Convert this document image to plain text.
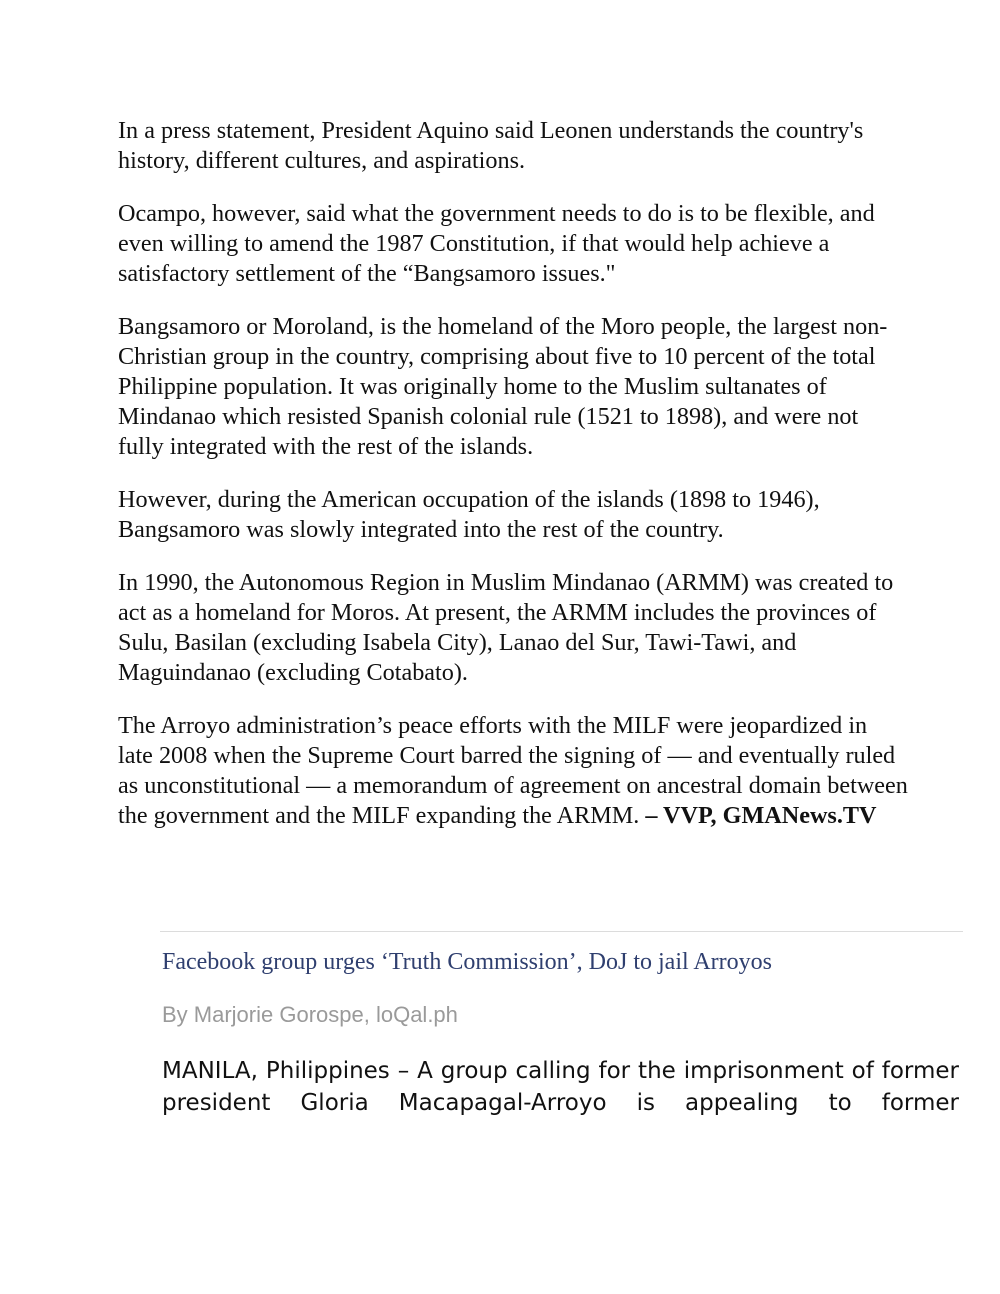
In a press statement, President Aquino said Leonen understands the country's history, different cultures, and aspirations.

Ocampo, however, said what the government needs to do is to be flexible, and even willing to amend the 1987 Constitution, if that would help achieve a satisfactory settlement of the “Bangsamoro issues."

Bangsamoro or Moroland, is the homeland of the Moro people, the largest non-Christian group in the country, comprising about five to 10 percent of the total Philippine population. It was originally home to the Muslim sultanates of Mindanao which resisted Spanish colonial rule (1521 to 1898), and were not fully integrated with the rest of the islands.

However, during the American occupation of the islands (1898 to 1946), Bangsamoro was slowly integrated into the rest of the country.

In 1990, the Autonomous Region in Muslim Mindanao (ARMM) was created to act as a homeland for Moros. At present, the ARMM includes the provinces of Sulu, Basilan (excluding Isabela City), Lanao del Sur, Tawi-Tawi, and Maguindanao (excluding Cotabato).

The Arroyo administration’s peace efforts with the MILF were jeopardized in late 2008 when the Supreme Court barred the signing of — and eventually ruled as unconstitutional — a memorandum of agreement on ancestral domain between the government and the MILF expanding the ARMM. – VVP, GMANews.TV

Facebook group urges ‘Truth Commission’, DoJ to jail Arroyos
By Marjorie Gorospe, loQal.ph

MANILA, Philippines – A group calling for the imprisonment of former president Gloria Macapagal-Arroyo is appealing to former
